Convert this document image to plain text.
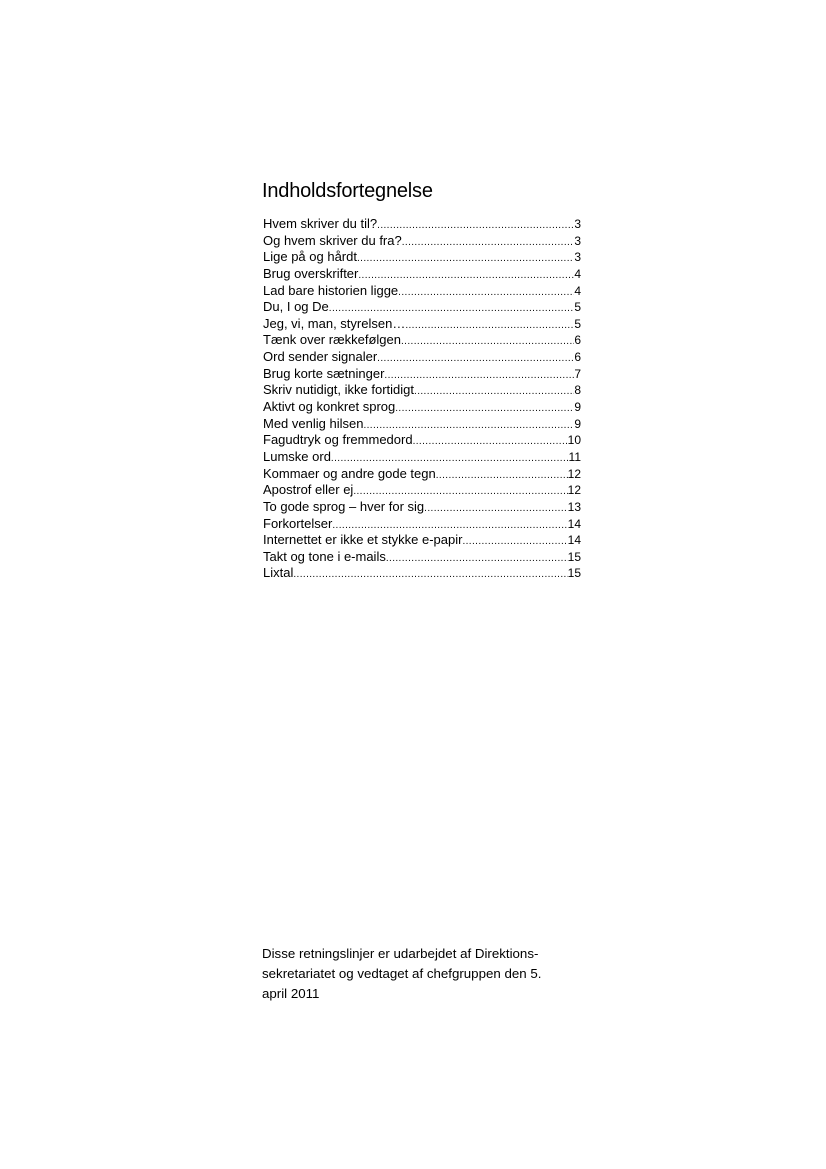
Indholdsfortegnelse
Hvem skriver du til? .....	3
Og hvem skriver du fra? .....	3
Lige på og hårdt .....	3
Brug overskrifter .....	4
Lad bare historien ligge .....	4
Du, I og De .....	5
Jeg, vi, man, styrelsen… .....	5
Tænk over rækkefølgen .....	6
Ord sender signaler .....	6
Brug korte sætninger .....	7
Skriv nutidigt, ikke fortidigt .....	8
Aktivt og konkret sprog .....	9
Med venlig hilsen .....	9
Fagudtryk og fremmedord .....	10
Lumske ord .....	11
Kommaer og andre gode tegn .....	12
Apostrof eller ej .....	12
To gode sprog – hver for sig .....	13
Forkortelser .....	14
Internettet er ikke et stykke e-papir .....	14
Takt og tone i e-mails .....	15
Lixtal .....	15

Disse retningslinjer er udarbejdet af Direktions-
sekretariatet og vedtaget af chefgruppen den 5.
april 2011
